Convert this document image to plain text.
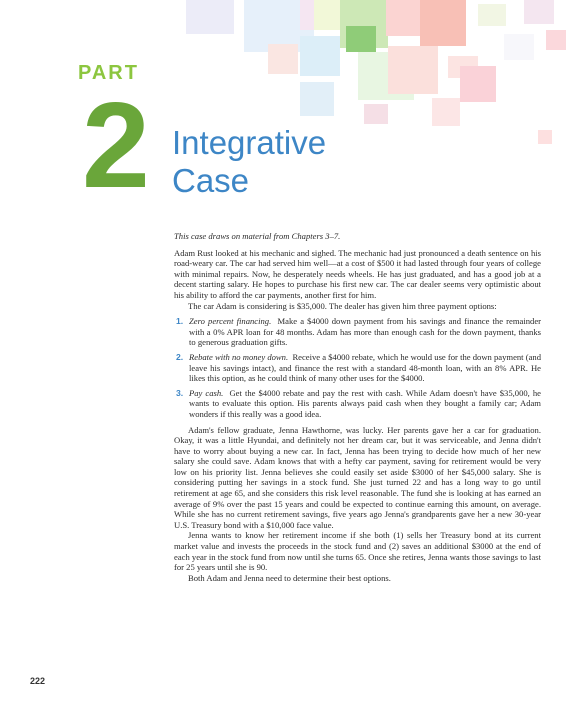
PART
2 Integrative
Case

This case draws on material from Chapters 3–7.

Adam Rust looked at his mechanic and sighed. The mechanic had just pronounced a death sentence on his road-weary car. The car had served him well—at a cost of $500 it had lasted through four years of college with minimal repairs. Now, he desperately needs wheels. He has just graduated, and has a good job at a decent starting salary. He hopes to purchase his first new car. The car dealer seems very optimistic about his ability to afford the car payments, another first for him.

The car Adam is considering is $35,000. The dealer has given him three payment options:

1. Zero percent financing. Make a $4000 down payment from his savings and finance the remainder with a 0% APR loan for 48 months. Adam has more than enough cash for the down payment, thanks to generous graduation gifts.
2. Rebate with no money down. Receive a $4000 rebate, which he would use for the down payment (and leave his savings intact), and finance the rest with a standard 48-month loan, with an 8% APR. He likes this option, as he could think of many other uses for the $4000.
3. Pay cash. Get the $4000 rebate and pay the rest with cash. While Adam doesn't have $35,000, he wants to evaluate this option. His parents always paid cash when they bought a family car; Adam wonders if this really was a good idea.

Adam's fellow graduate, Jenna Hawthorne, was lucky. Her parents gave her a car for graduation. Okay, it was a little Hyundai, and definitely not her dream car, but it was serviceable, and Jenna didn't have to worry about buying a new car. In fact, Jenna has been trying to decide how much of her new salary she could save. Adam knows that with a hefty car payment, saving for retirement would be very low on his priority list. Jenna believes she could easily set aside $3000 of her $45,000 salary. She is considering putting her savings in a stock fund. She just turned 22 and has a long way to go until retirement at age 65, and she considers this risk level reasonable. The fund she is looking at has earned an average of 9% over the past 15 years and could be expected to continue earning this amount, on average. While she has no current retirement savings, five years ago Jenna's grandparents gave her a new 30-year U.S. Treasury bond with a $10,000 face value.

Jenna wants to know her retirement income if she both (1) sells her Treasury bond at its current market value and invests the proceeds in the stock fund and (2) saves an additional $3000 at the end of each year in the stock fund from now until she turns 65. Once she retires, Jenna wants those savings to last for 25 years until she is 90.

Both Adam and Jenna need to determine their best options.

222
